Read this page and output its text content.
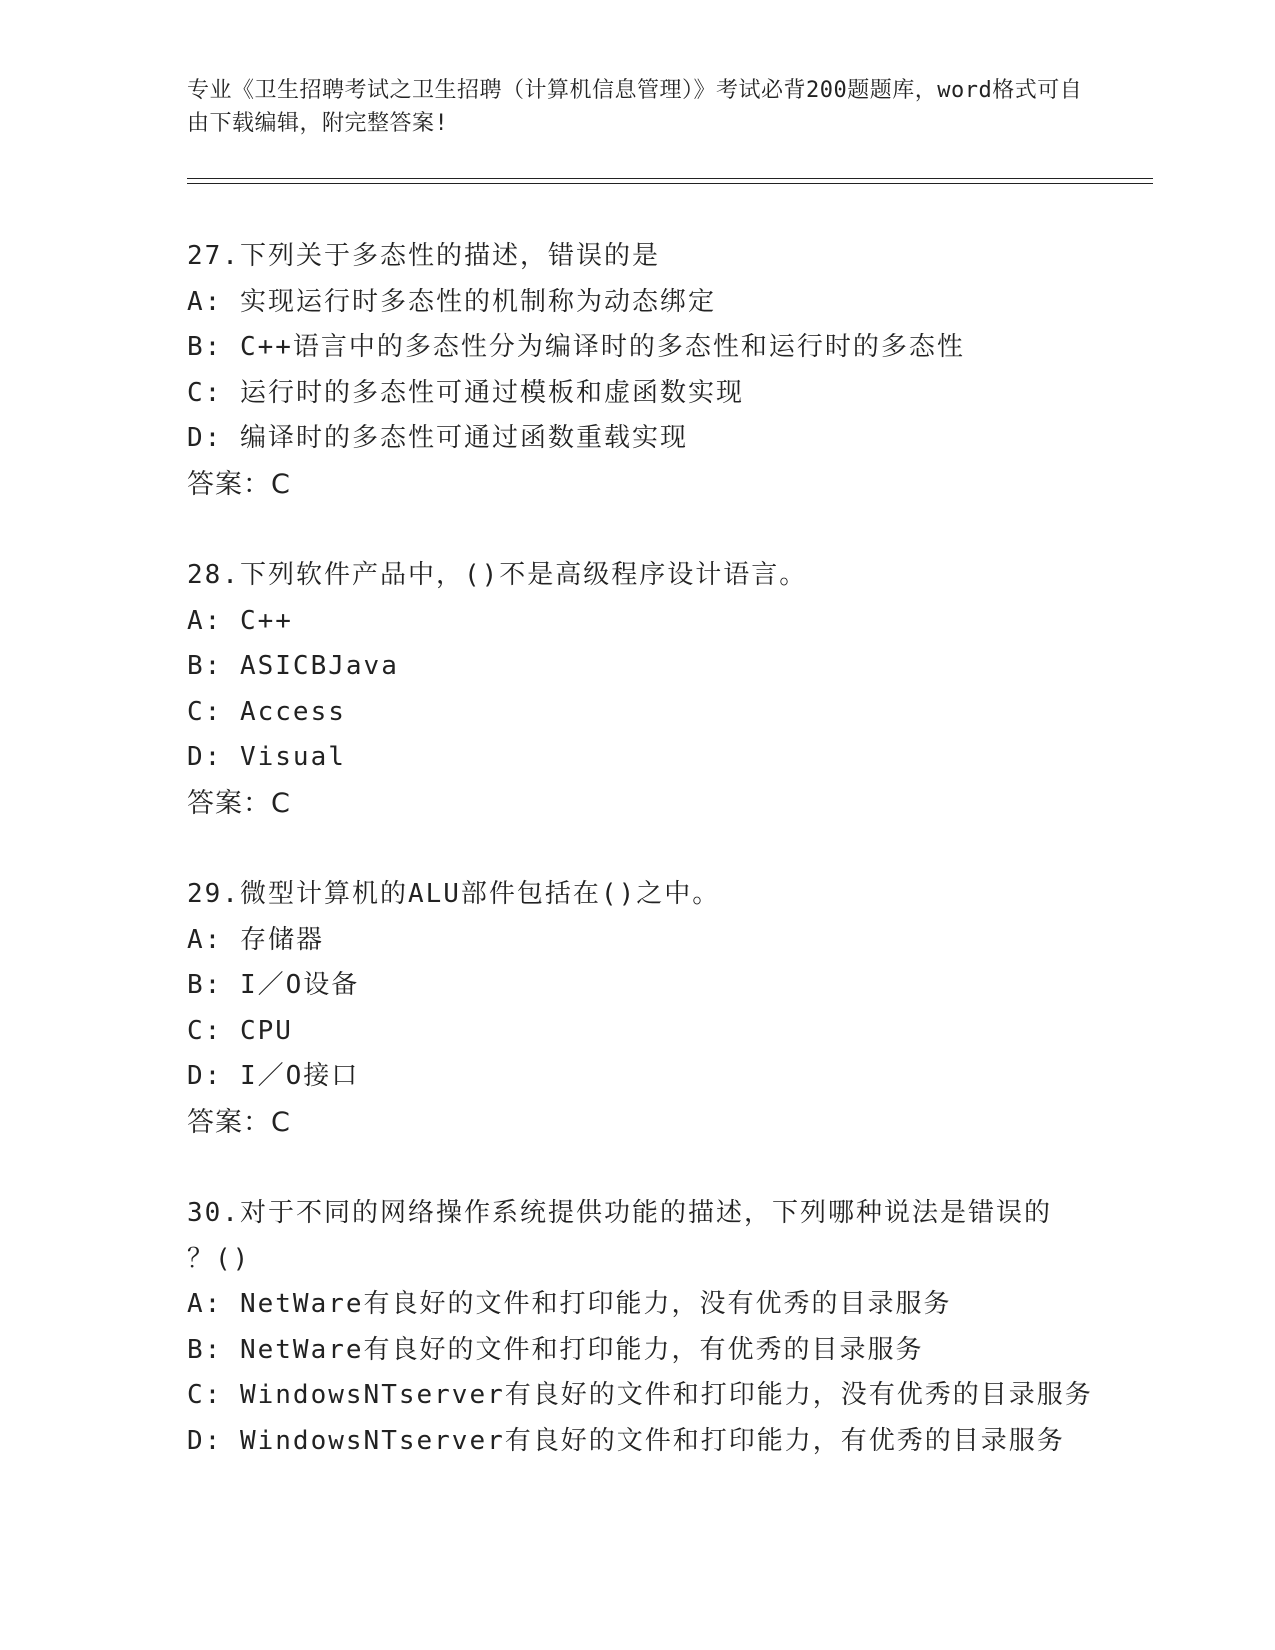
专业《卫生招聘考试之卫生招聘（计算机信息管理）》考试必背200题题库，word格式可自由下载编辑，附完整答案!
27.下列关于多态性的描述，错误的是
A: 实现运行时多态性的机制称为动态绑定
B: C++语言中的多态性分为编译时的多态性和运行时的多态性
C: 运行时的多态性可通过模板和虚函数实现
D: 编译时的多态性可通过函数重载实现
答案：C
28.下列软件产品中，()不是高级程序设计语言。
A: C++
B: ASICBJava
C: Access
D: Visual
答案：C
29.微型计算机的ALU部件包括在()之中。
A: 存储器
B: I／O设备
C: CPU
D: I／O接口
答案：C
30.对于不同的网络操作系统提供功能的描述，下列哪种说法是错误的
？()
A: NetWare有良好的文件和打印能力，没有优秀的目录服务
B: NetWare有良好的文件和打印能力，有优秀的目录服务
C: WindowsNTserver有良好的文件和打印能力，没有优秀的目录服务
D: WindowsNTserver有良好的文件和打印能力，有优秀的目录服务
